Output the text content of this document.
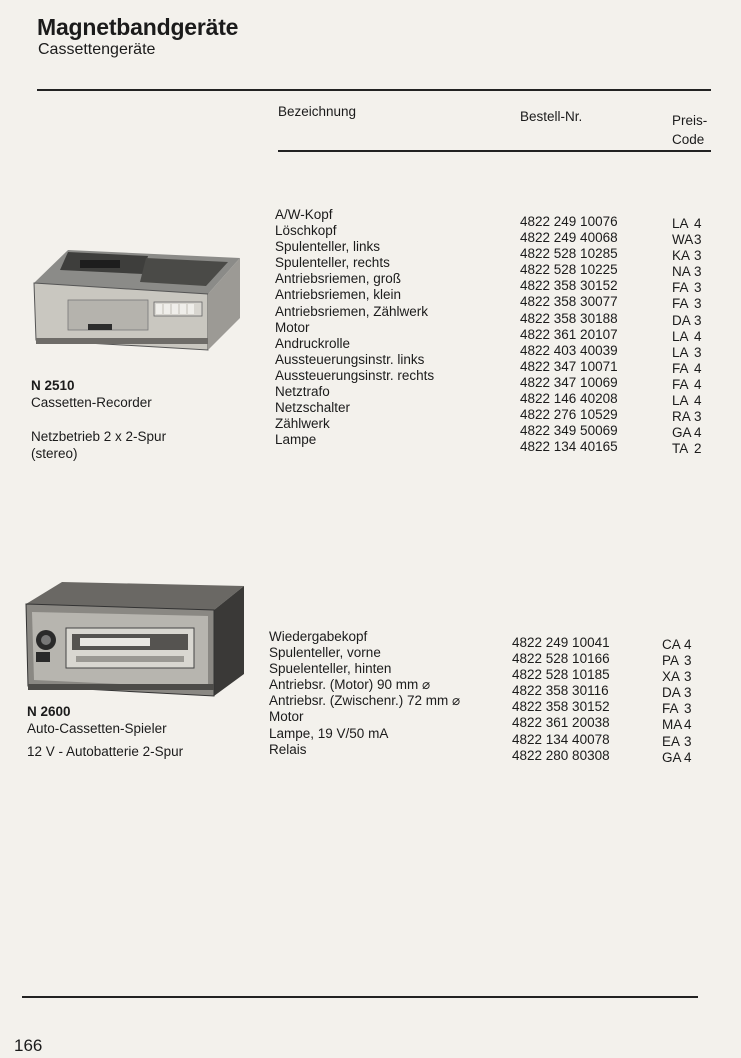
Magnetbandgeräte
Cassettengeräte
Bezeichnung	Bestell-Nr.	Preis-
Code
N 2510
Cassetten-Recorder
Netzbetrieb 2 x 2-Spur
(stereo)
A/W-Kopf
Löschkopf
Spulenteller, links
Spulenteller, rechts
Antriebsriemen, groß
Antriebsriemen, klein
Antriebsriemen, Zählwerk
Motor
Andruckrolle
Aussteuerungsinstr. links
Aussteuerungsinstr. rechts
Netztrafo
Netzschalter
Zählwerk
Lampe
4822 249 10076
4822 249 40068
4822 528 10285
4822 528 10225
4822 358 30152
4822 358 30077
4822 358 30188
4822 361 20107
4822 403 40039
4822 347 10071
4822 347 10069
4822 146 40208
4822 276 10529
4822 349 50069
4822 134 40165
LA 4
WA3
KA 3
NA 3
FA 3
FA 3
DA 3
LA 4
LA 3
FA 4
FA 4
LA 4
RA 3
GA 4
TA 2
N 2600
Auto-Cassetten-Spieler
12 V - Autobatterie 2-Spur
Wiedergabekopf
Spulenteller, vorne
Spuelenteller, hinten
Antriebsr. (Motor) 90 mm ⌀
Antriebsr. (Zwischenr.) 72 mm ⌀
Motor
Lampe, 19 V/50 mA
Relais
4822 249 10041
4822 528 10166
4822 528 10185
4822 358 30116
4822 358 30152
4822 361 20038
4822 134 40078
4822 280 80308
CA 4
PA 3
XA 3
DA 3
FA 3
MA 4
EA 3
GA 4
166
